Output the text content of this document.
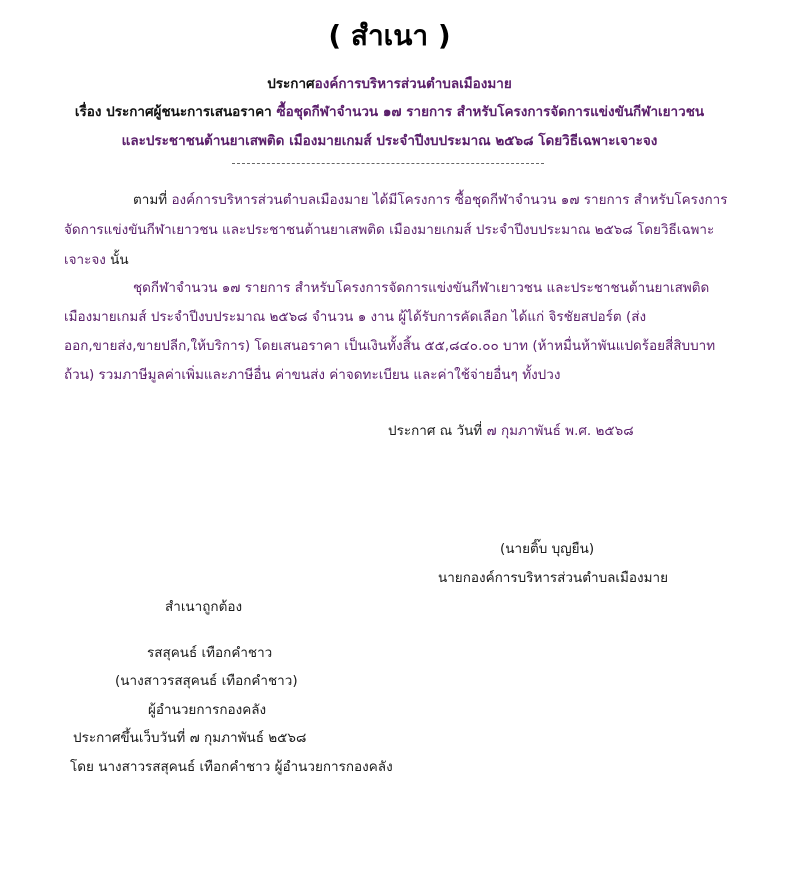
( สำเนา )
ประกาศองค์การบริหารส่วนตำบลเมืองมาย
เรื่อง ประกาศผู้ชนะการเสนอราคา ซื้อชุดกีฬาจำนวน ๑๗ รายการ สำหรับโครงการจัดการแข่งขันกีฬาเยาวชน
และประชาชนต้านยาเสพติด เมืองมายเกมส์ ประจำปีงบประมาณ ๒๕๖๘ โดยวิธีเฉพาะเจาะจง
ตามที่ องค์การบริหารส่วนตำบลเมืองมาย ได้มีโครงการ ซื้อชุดกีฬาจำนวน ๑๗ รายการ สำหรับโครงการ
จัดการแข่งขันกีฬาเยาวชน และประชาชนต้านยาเสพติด เมืองมายเกมส์ ประจำปีงบประมาณ ๒๕๖๘ โดยวิธีเฉพาะ
เจาะจง นั้น
ชุดกีฬาจำนวน ๑๗ รายการ สำหรับโครงการจัดการแข่งขันกีฬาเยาวชน และประชาชนต้านยาเสพติด
เมืองมายเกมส์ ประจำปีงบประมาณ ๒๕๖๘ จำนวน ๑ งาน ผู้ได้รับการคัดเลือก ได้แก่ จิรชัยสปอร์ต (ส่ง
ออก,ขายส่ง,ขายปลีก,ให้บริการ) โดยเสนอราคา เป็นเงินทั้งสิ้น ๕๕,๘๔๐.๐๐ บาท (ห้าหมื่นห้าพันแปดร้อยสี่สิบบาท
ถ้วน) รวมภาษีมูลค่าเพิ่มและภาษีอื่น ค่าขนส่ง ค่าจดทะเบียน และค่าใช้จ่ายอื่นๆ ทั้งปวง
ประกาศ ณ วันที่ ๗ กุมภาพันธ์ พ.ศ. ๒๕๖๘
(นายติ๊บ บุญยืน)
นายกองค์การบริหารส่วนตำบลเมืองมาย
สำเนาถูกต้อง
รสสุคนธ์ เทือกคำชาว
(นางสาวรสสุคนธ์ เทือกคำชาว)
ผู้อำนวยการกองคลัง
ประกาศขึ้นเว็บวันที่ ๗ กุมภาพันธ์ ๒๕๖๘
โดย นางสาวรสสุคนธ์ เทือกคำชาว ผู้อำนวยการกองคลัง
